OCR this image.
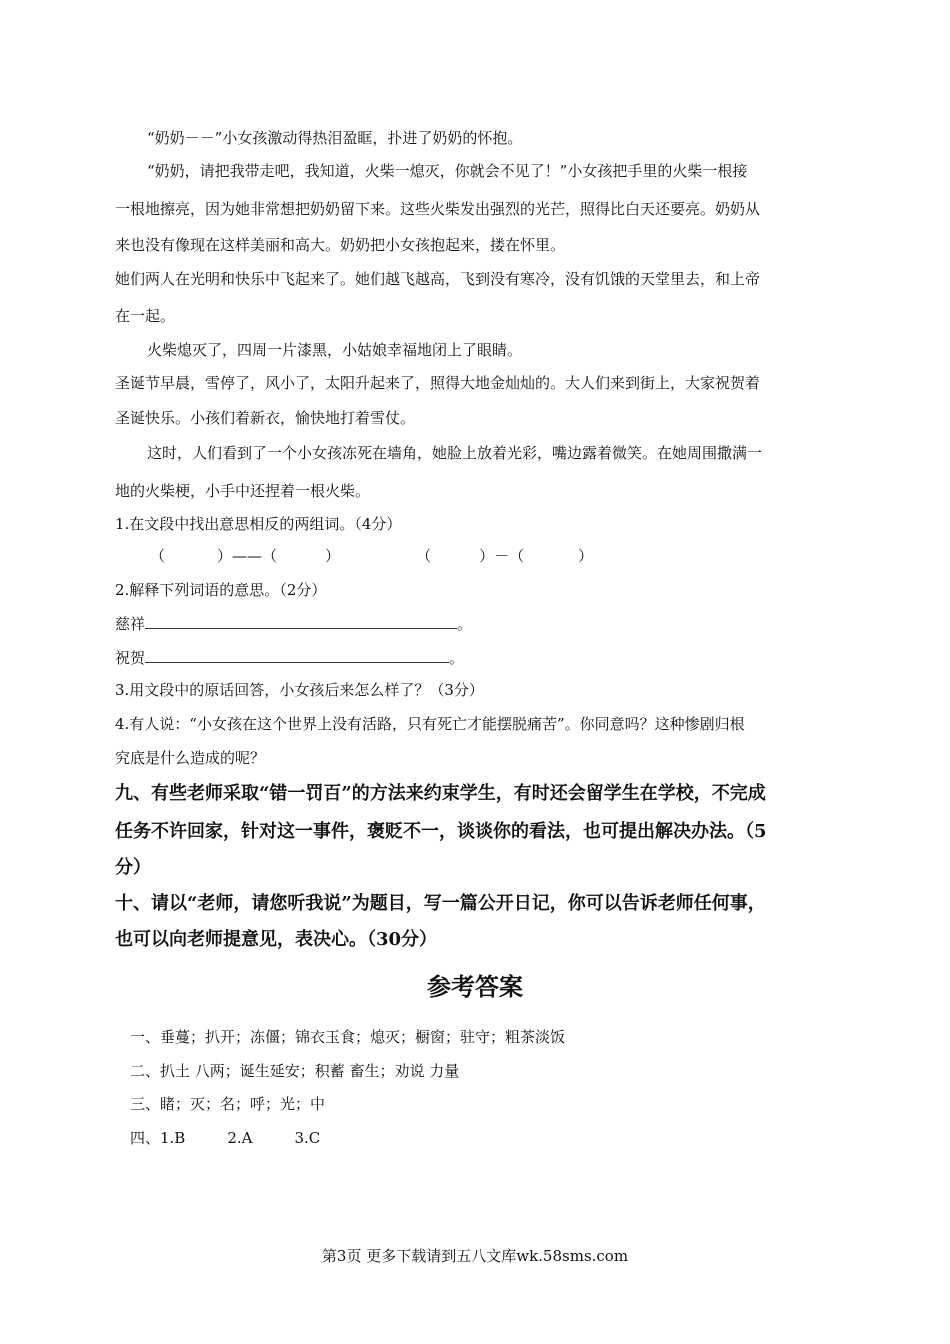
“奶奶－－”小女孩激动得热泪盈眶，扑进了奶奶的怀抱。
“奶奶，请把我带走吧，我知道，火柴一熄灭，你就会不见了！”小女孩把手里的火柴一根接
一根地擦亮，因为她非常想把奶奶留下来。这些火柴发出强烈的光芒，照得比白天还要亮。奶奶从
来也没有像现在这样美丽和高大。奶奶把小女孩抱起来，搂在怀里。
她们两人在光明和快乐中飞起来了。她们越飞越高，飞到没有寒冷，没有饥饿的天堂里去，和上帝
在一起。
火柴熄灭了，四周一片漆黑，小姑娘幸福地闭上了眼睛。
圣诞节早晨，雪停了，风小了，太阳升起来了，照得大地金灿灿的。大人们来到街上，大家祝贺着
圣诞快乐。小孩们着新衣，愉快地打着雪仗。
这时，人们看到了一个小女孩冻死在墙角，她脸上放着光彩，嘴边露着微笑。在她周围撒满一
地的火柴梗，小手中还捏着一根火柴。
1.在文段中找出意思相反的两组词。（4分）
（	）——（	）	（	）－（	）
2.解释下列词语的意思。（2分）
慈祥	。
祝贺	。
3.用文段中的原话回答，小女孩后来怎么样了？（3分）
4.有人说：“小女孩在这个世界上没有活路，只有死亡才能摆脱痛苦”。你同意吗？这种惨剧归根
究底是什么造成的呢？
九、有些老师采取“错一罚百”的方法来约束学生，有时还会留学生在学校，不完成
任务不许回家，针对这一事件，褒贬不一，谈谈你的看法，也可提出解决办法。（5
分）
十、请以“老师，请您听我说”为题目，写一篇公开日记，你可以告诉老师任何事，
也可以向老师提意见，表决心。（30分）
参考答案
一、垂蔓；扒开；冻僵；锦衣玉食；熄灭；橱窗；驻守；粗茶淡饭
二、扒土 八两；诞生延安；积蓄 畜生；劝说 力量
三、睹；灭；名；呼；光；中
四、1.B	2.A	3.C
第3页 更多下载请到五八文库wk.58sms.com
